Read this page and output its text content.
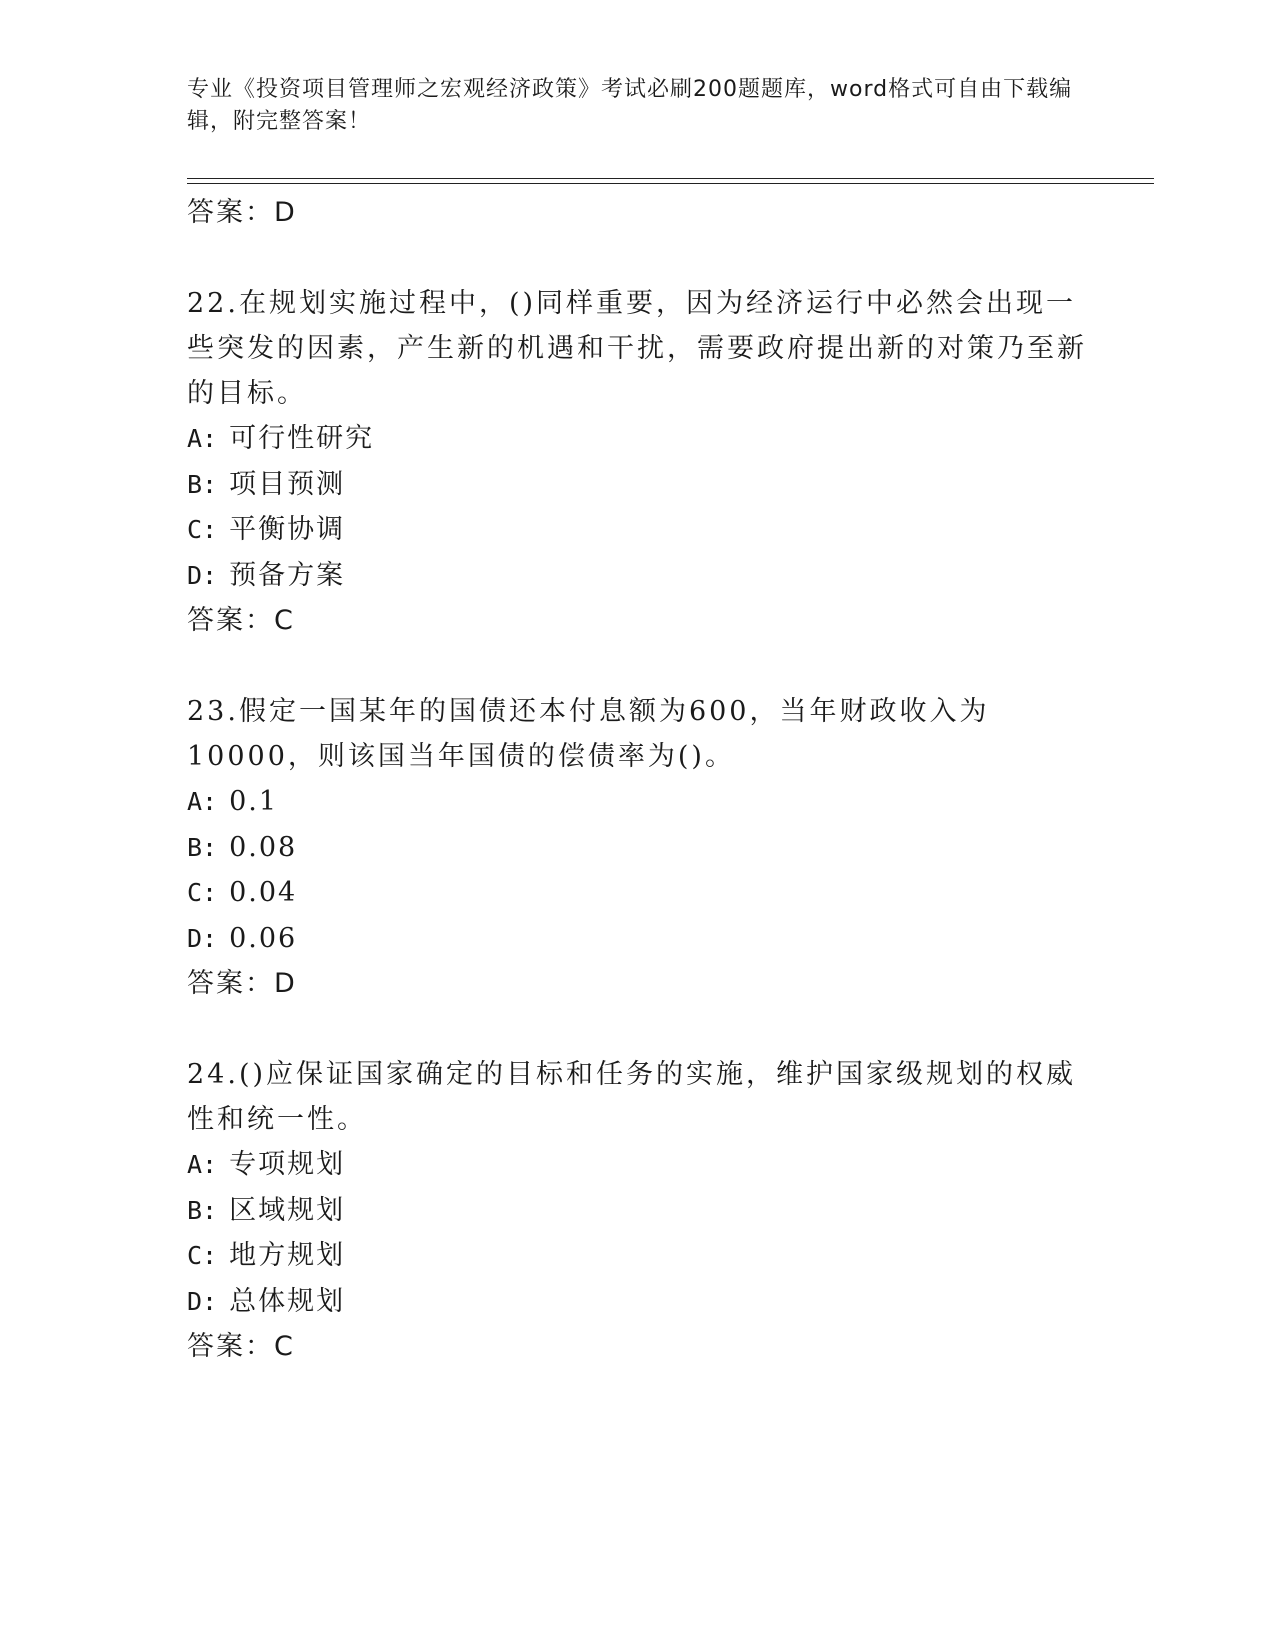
专业《投资项目管理师之宏观经济政策》考试必刷200题题库，word格式可自由下载编辑，附完整答案！
答案：D
22.在规划实施过程中，()同样重要，因为经济运行中必然会出现一些突发的因素，产生新的机遇和干扰，需要政府提出新的对策乃至新的目标。
A: 可行性研究
B: 项目预测
C: 平衡协调
D: 预备方案
答案：C
23.假定一国某年的国债还本付息额为600，当年财政收入为10000，则该国当年国债的偿债率为()。
A: 0.1
B: 0.08
C: 0.04
D: 0.06
答案：D
24.()应保证国家确定的目标和任务的实施，维护国家级规划的权威性和统一性。
A: 专项规划
B: 区域规划
C: 地方规划
D: 总体规划
答案：C
